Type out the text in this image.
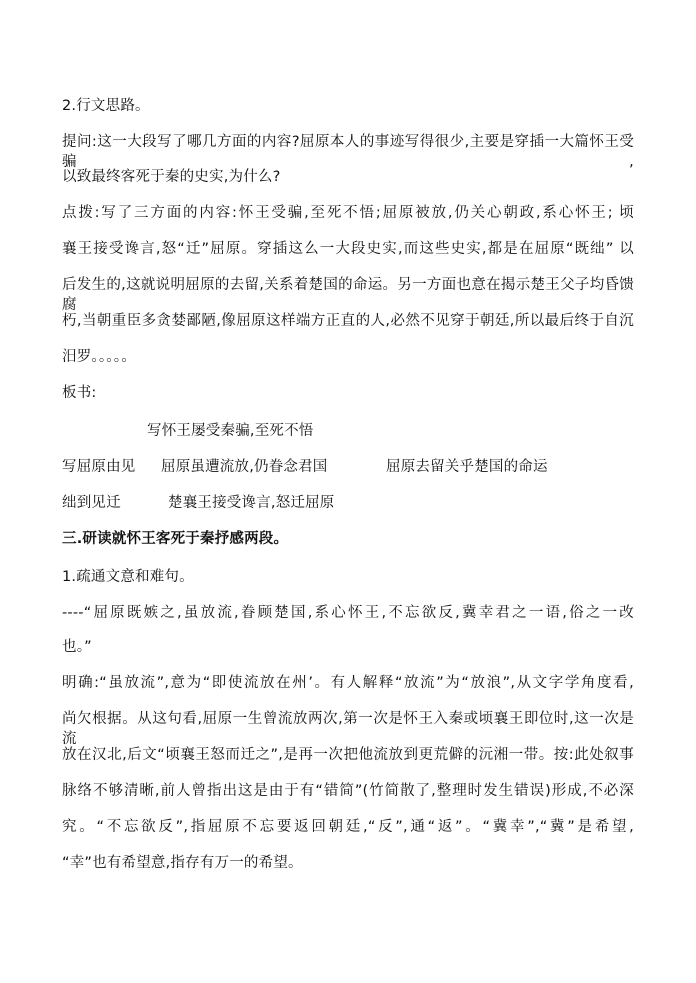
2.行文思路。
提问:这一大段写了哪几方面的内容?屈原本人的事迹写得很少,主要是穿插一大篇怀王受骗,
以致最终客死于秦的史实,为什么?
点拨:写了三方面的内容:怀王受骗,至死不悟;屈原被放,仍关心朝政,系心怀王; 顷
襄王接受谗言,怒“迁”屈原。穿插这么一大段史实,而这些史实,都是在屈原“既绌” 以
后发生的,这就说明屈原的去留,关系着楚国的命运。另一方面也意在揭示楚王父子均昏馈腐
朽,当朝重臣多贪婪鄙陋,像屈原这样端方正直的人,必然不见穿于朝廷,所以最后终于自沉
汨罗。。。。。
板书:
写怀王屡受秦骗,至死不悟
写屈原由见 屈原虽遭流放,仍眷念君国	屈原去留关乎楚国的命运
绌到见迁	楚襄王接受谗言,怒迁屈原
三.研读就怀王客死于秦抒感两段。
1.疏通文意和难句。
----“屈原既嫉之,虽放流,眷顾楚国,系心怀王,不忘欲反,冀幸君之一语,俗之一改
也。”
明确:“虽放流”,意为“即使流放在州’。有人解释“放流”为“放浪”,从文字学角度看,
尚欠根据。从这句看,屈原一生曾流放两次,第一次是怀王入秦或顷襄王即位时,这一次是流
放在汉北,后文“顷襄王怒而迁之”,是再一次把他流放到更荒僻的沅湘一带。按:此处叙事
脉络不够清晰,前人曾指出这是由于有“错简”(竹简散了,整理时发生错误)形成,不必深
究。“不忘欲反”,指屈原不忘要返回朝廷,“反”,通“返”。“冀幸”,“冀”是希望,
“幸”也有希望意,指存有万一的希望。
